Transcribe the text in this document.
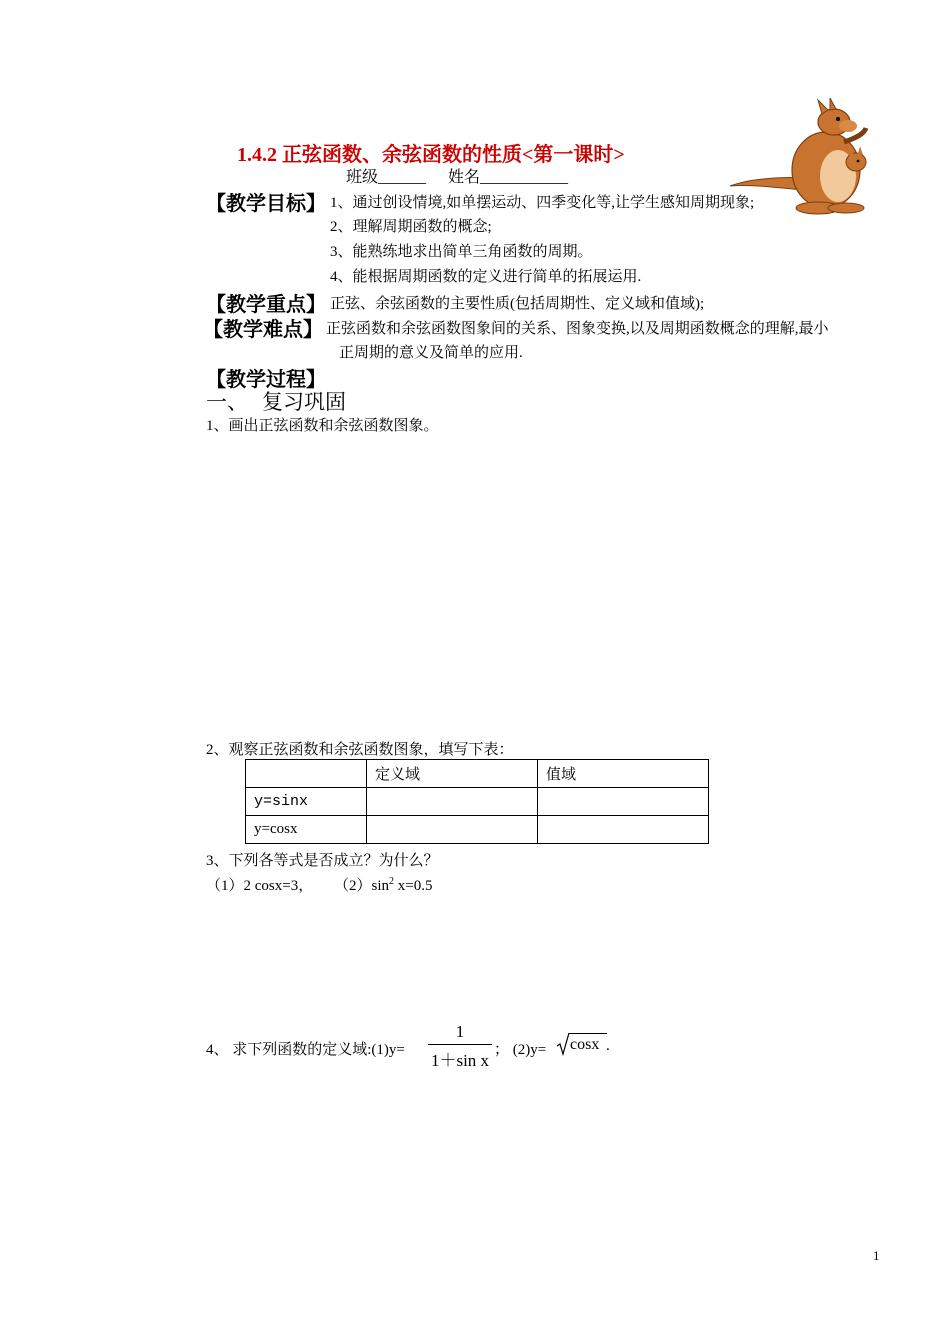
1.4.2 正弦函数、余弦函数的性质<第一课时>
班级______ 姓名___________
【教学目标】 1、通过创设情境,如单摆运动、四季变化等,让学生感知周期现象;
2、理解周期函数的概念;
3、能熟练地求出简单三角函数的周期。
4、能根据周期函数的定义进行简单的拓展运用.
【教学重点】 正弦、余弦函数的主要性质(包括周期性、定义域和值域);
【教学难点】 正弦函数和余弦函数图象间的关系、图象变换,以及周期函数概念的理解,最小
正周期的意义及简单的应用.
【教学过程】
一、 复习巩固
1、画出正弦函数和余弦函数图象。
2、观察正弦函数和余弦函数图象，填写下表：
	定义域	值域
y=sinx		
y=cosx		
3、下列各等式是否成立？为什么？
（1）2 cosx=3， $(2)\sin^2$ x=0.5
4、 求下列函数的定义域:(1)y=
1
1＋sin x
； (2)y= cosx .
1
